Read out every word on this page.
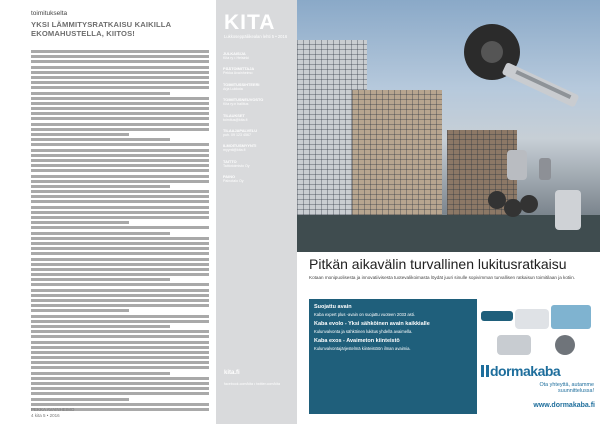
toimitukselta
YKSI LÄMMITYSRATKAISU KAIKILLA EKOMAHUSTELLA, KIITOS!
PEKKA AVAINHEIMO
4 kita 5 • 2016
KITA
Lukkoseppäliikealan lehti 5 • 2016
JULKAISIJA
Kita ry • Helsinki
PÄÄTOIMITTAJA
Pekka Avainheimo
TOIMITUSSIHTEERI
Arja Lukkola
TOIMITUSNEUVOSTO
Kita ry:n hallitus
TILAUKSET
toimitus@kita.fi
TILAAJAPALVELU
puh. 09 123 4567
ILMOITUSMYYNTI
myynti@kita.fi
TAITTO
Taittotoimisto Oy
PAINO
Painotalo Oy
kita.fi
facebook.com/kita • twitter.com/kita
Pitkän aikavälin turvallinen lukitusratkaisu
Kotaan monipuolisesta ja innovatiivisesta tuotevalikoimasta löydät juuri sinulle sopivimman turvallisen ratkaisun toimitilaan ja kotiin.
Suojattu avain
Kaba expert plus -avain on suojattu vuoteen 2033 asti.
Kaba evolo - Yksi sähköinen avain kaikkialle
Kulunvalvonta ja sähköinen lukitus yhdellä avaimella.
Kaba exos - Avaimeton kiinteistö
Kulunvalvontajärjestelmä kiinteistöön ilman avaimia.
dormakaba
Ota yhteyttä, autamme suunnittelussa!
www.dormakaba.fi
